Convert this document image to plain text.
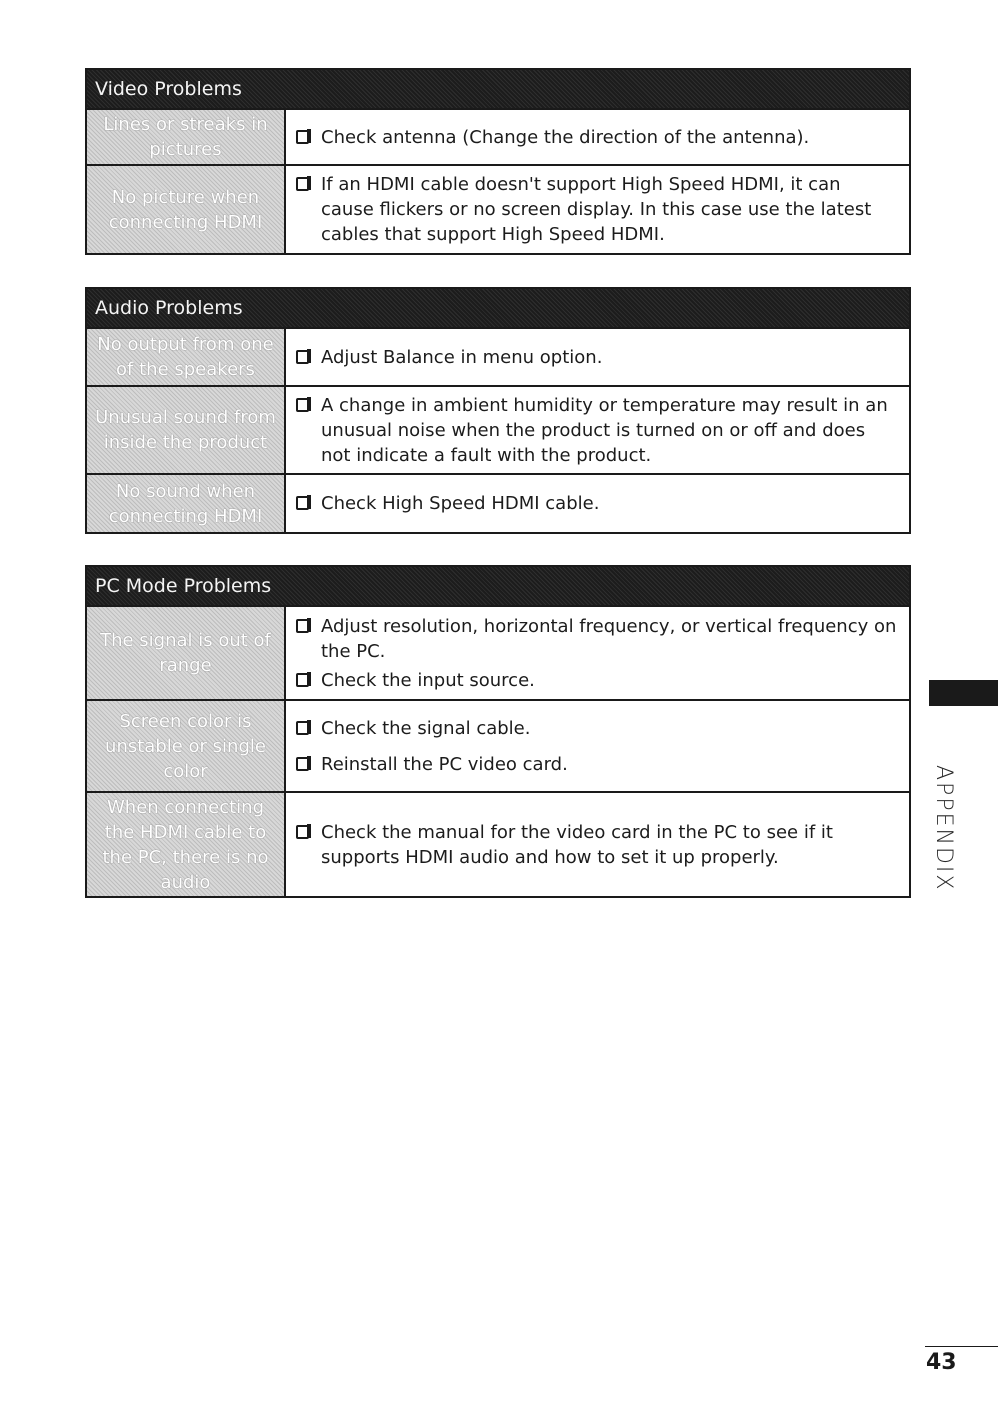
Video Problems
Lines or streaks in pictures
Check antenna (Change the direction of the antenna).
No picture when connecting HDMI
If an HDMI cable doesn't support High Speed HDMI, it can cause flickers or no screen display. In this case use the latest cables that support High Speed HDMI.
Audio Problems
No output from one of the speakers
Adjust Balance in menu option.
Unusual sound from inside the product
A change in ambient humidity or temperature may result in an unusual noise when the product is turned on or off and does not indicate a fault with the product.
No sound when connecting HDMI
Check High Speed HDMI cable.
PC Mode Problems
The signal is out of range
Adjust resolution, horizontal frequency, or vertical frequency on the PC.
Check the input source.
Screen color is unstable or single color
Check the signal cable.
Reinstall the PC video card.
When connecting the HDMI cable to the PC, there is no audio
Check the manual for the video card in the PC to see if it supports HDMI audio and how to set it up properly.	APPENDIX
43
